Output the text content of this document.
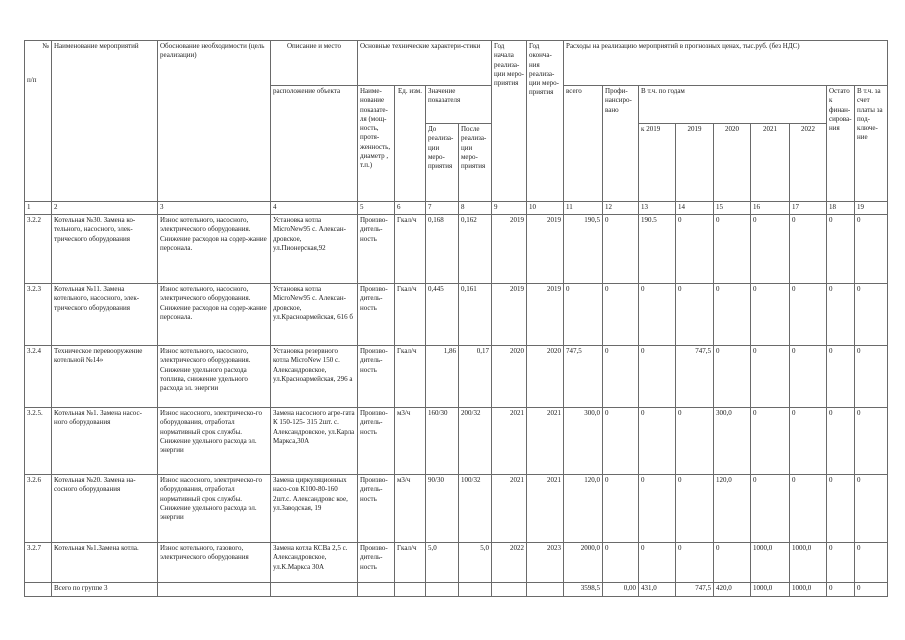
№
п/п	Наименование мероприятий	Обоснование необходимости (цель реализации)	Описание и место	Основные технические характери-стики				Год начала реализа-ции меро-приятия	Год оконча-ния реализа-ции меро-приятия	Расходы на реализацию мероприятий в прогнозных ценах, тыс.руб. (без НДС)									
			расположение объекта	Наиме-нование показате-ля (мощ-ность, протя-женность, диаметр , т.п.)	Ед. изм.	Значение показателя				всего	Профи-нансиро-вано	В т.ч. по годам					Остаток финан-сирова-ния	В т.ч. за счет платы за под-ключе-ние	
						До реализа-ции меро-приятия	После реализа-ции меро-приятия					к 2019	2019	2020	2021	2022	
1	2	3	4	5	6	7	8	9	10	11	12	13	14	15	16	17	18	19	
3.2.2	Котельная №30. Замена ко-тельного, насосного, элек-трического оборудования	Износ котельного, насосного, электрического оборудования. Снижение расходов на содер-жание персонала.	Установка котла MicroNew95 с. Алексан-дровское, ул.Пионерская,92	Произво-дитель-ность	Гкал/ч	0,168	0,162	2019	2019	190,5	0	190.5	0	0	0	0	0	0	
3.2.3	Котельная №11. Замена котельного, насосного, элек-трического оборудования	Износ котельного, насосного, электрического оборудования. Снижение расходов на содер-жание персонала.	Установка котла MicroNew95 с. Алексан-дровское, ул.Красноармейская, 616 б	Произво-дитель-ность	Гкал/ч	0,445	0,161	2019	2019	0	0	0	0	0	0	0	0	0	
3.2.4	Техническое перевооружение котельной №14»	Износ котельного, насосного, электрического оборудования. Снижение удельного расхода топлива, снижение удельного расхода эл. энергии	Установка резервного котла MicroNew 150 с. Александровское, ул.Красноармейская, 296 а	Произво-дитель-ность	Гкал/ч	1,86	0,17	2020	2020	747,5	0	0	747,5	0	0	0	0	0	
3.2.5.	Котельная №1. Замена насос-ного оборудования	Износ насосного, электрическо-го оборудования, отработал нормативный срок службы. Снижение удельного расхода эл. энергии	Замена насосного агре-гата К 150-125- 315 2шт. с. Александровское, ул.Карла Маркса,30А	Произво-дитель-ность	м3/ч	160/30	200/32	2021	2021	300,0	0	0	0	300,0	0	0	0	0	
3.2.6	Котельная №20. Замена на-сосного оборудования	Износ насосного, электрическо-го оборудования, отработал нормативный срок службы. Снижение удельного расхода эл. энергии	Замена циркуляционных насо-сов К100-80-160 2шт.с. Александровс кое, ул.Заводская, 19	Произво-дитель-ность	м3/ч	90/30	100/32	2021	2021	120,0	0	0	0	120,0	0	0	0	0	
3.2.7	Котельная №1.Замена котла.	Износ котельного, газового, электрического оборудования	Замена котла КСВа 2,5 с. Александровское, ул.К.Маркса 30А	Произво-дитель-ность	Гкал/ч	5,0	5,0	2022	2023	2000,0	0	0	0	0	1000,0	1000,0	0	0	
	Всего по группе 3									3598,5	0,00	431,0	747,5	420,0	1000,0	1000,0	0	0	
